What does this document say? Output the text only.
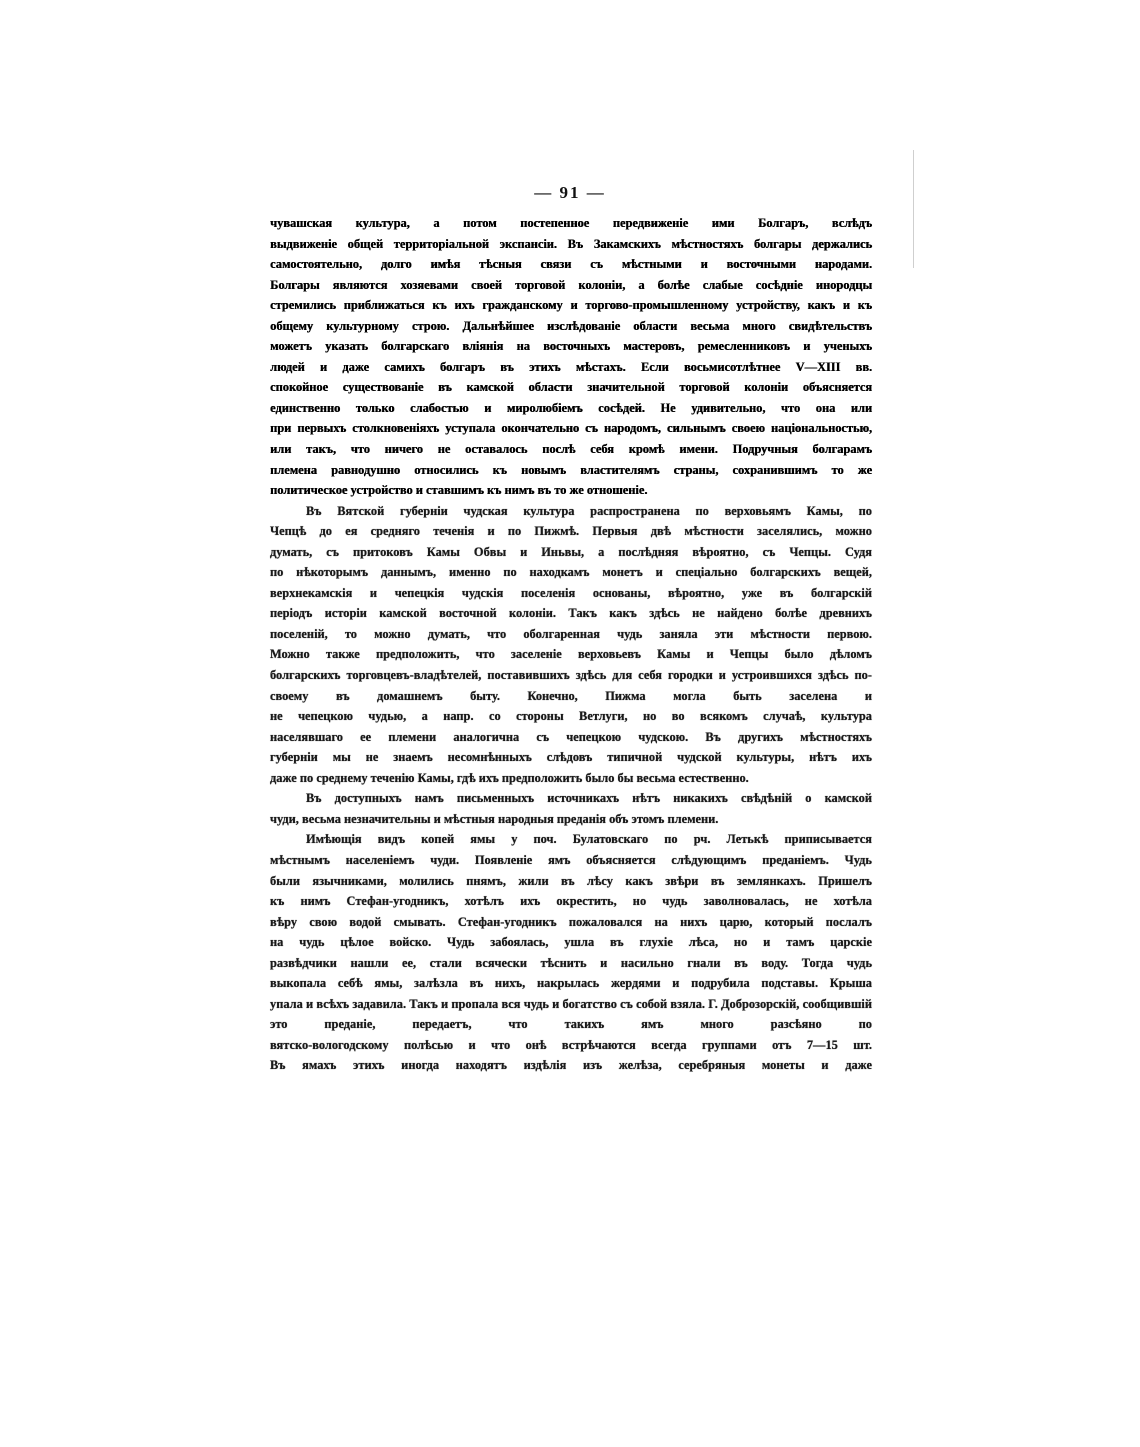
— 91 —
чувашская культура, а потом постепенное передвиженіе ими Болгаръ, вслѣдъ
выдвиженіе общей территоріальной экспансіи. Въ Закамскихъ мѣстностяхъ болгары держались
самостоятельно, долго имѣя тѣсныя связи съ мѣстными и восточными народами.
Болгары являются хозяевами своей торговой колоніи, а болѣе слабые сосѣдніе инородцы
стремились приближаться къ ихъ гражданскому и торгово-промышленному устройству, какъ и къ
общему культурному строю. Дальнѣйшее изслѣдованіе области весьма много свидѣтельствъ
можетъ указать болгарскаго вліянія на восточныхъ мастеровъ, ремесленниковъ и ученыхъ
людей и даже самихъ болгаръ въ этихъ мѣстахъ. Если восьмисотлѣтнее V—XIII вв.
спокойное существованіе въ камской области значительной торговой колоніи объясняется
единственно только слабостью и миролюбіемъ сосѣдей. Не удивительно, что она или
при первыхъ столкновеніяхъ уступала окончательно съ народомъ, сильнымъ своею національностью,
или такъ, что ничего не оставалось послѣ себя кромѣ имени. Подручныя болгарамъ
племена равнодушно относились къ новымъ властителямъ страны, сохранившимъ то же
политическое устройство и ставшимъ къ нимъ въ то же отношеніе.
Въ Вятской губерніи чудская культура распространена по верховьямъ Камы, по
Чепцѣ до ея средняго теченія и по Пижмѣ. Первыя двѣ мѣстности заселялись, можно
думать, съ притоковъ Камы Обвы и Иньвы, а послѣдняя вѣроятно, съ Чепцы. Судя
по нѣкоторымъ даннымъ, именно по находкамъ монетъ и спеціально болгарскихъ вещей,
верхнекамскія и чепецкія чудскія поселенія основаны, вѣроятно, уже въ болгарскій
періодъ исторіи камской восточной колоніи. Такъ какъ здѣсь не найдено болѣе древнихъ
поселеній, то можно думать, что оболгаренная чудь заняла эти мѣстности первою.
Можно также предположить, что заселеніе верховьевъ Камы и Чепцы было дѣломъ
болгарскихъ торговцевъ-владѣтелей, поставившихъ здѣсь для себя городки и устроившихся здѣсь по-своему въ домашнемъ быту. Конечно, Пижма могла быть заселена и
не чепецкою чудью, а напр. со стороны Ветлуги, но во всякомъ случаѣ, культура
населявшаго ее племени аналогична съ чепецкою чудскою. Въ другихъ мѣстностяхъ
губерніи мы не знаемъ несомнѣнныхъ слѣдовъ типичной чудской культуры, нѣтъ ихъ
даже по среднему теченію Камы, гдѣ ихъ предположить было бы весьма естественно.
Въ доступныхъ намъ письменныхъ источникахъ нѣтъ никакихъ свѣдѣній о камской
чуди, весьма незначительны и мѣстныя народныя преданія объ этомъ племени.
Имѣющія видъ копей ямы у поч. Булатовскаго по рч. Летькѣ приписывается
мѣстнымъ населеніемъ чуди. Появленіе ямъ объясняется слѣдующимъ преданіемъ. Чудь
были язычниками, молились пнямъ, жили въ лѣсу какъ звѣри въ землянкахъ. Пришелъ
къ нимъ Стефан-угодникъ, хотѣлъ ихъ окрестить, но чудь заволновалась, не хотѣла
вѣру свою водой смывать. Стефан-угодникъ пожаловался на нихъ царю, который послалъ
на чудь цѣлое войско. Чудь забоялась, ушла въ глухіе лѣса, но и тамъ царскіе
развѣдчики нашли ее, стали всячески тѣснить и насильно гнали въ воду. Тогда чудь
выкопала себѣ ямы, залѣзла въ нихъ, накрылась жердями и подрубила подставы. Крыша
упала и всѣхъ задавила. Такъ и пропала вся чудь и богатство съ собой взяла. Г. Доброзорскій, сообщившій это преданіе, передаетъ, что такихъ ямъ много разсѣяно по
вятско-вологодскому полѣсью и что онѣ встрѣчаются всегда группами отъ 7—15 шт.
Въ ямахъ этихъ иногда находятъ издѣлія изъ желѣза, серебряныя монеты и даже
